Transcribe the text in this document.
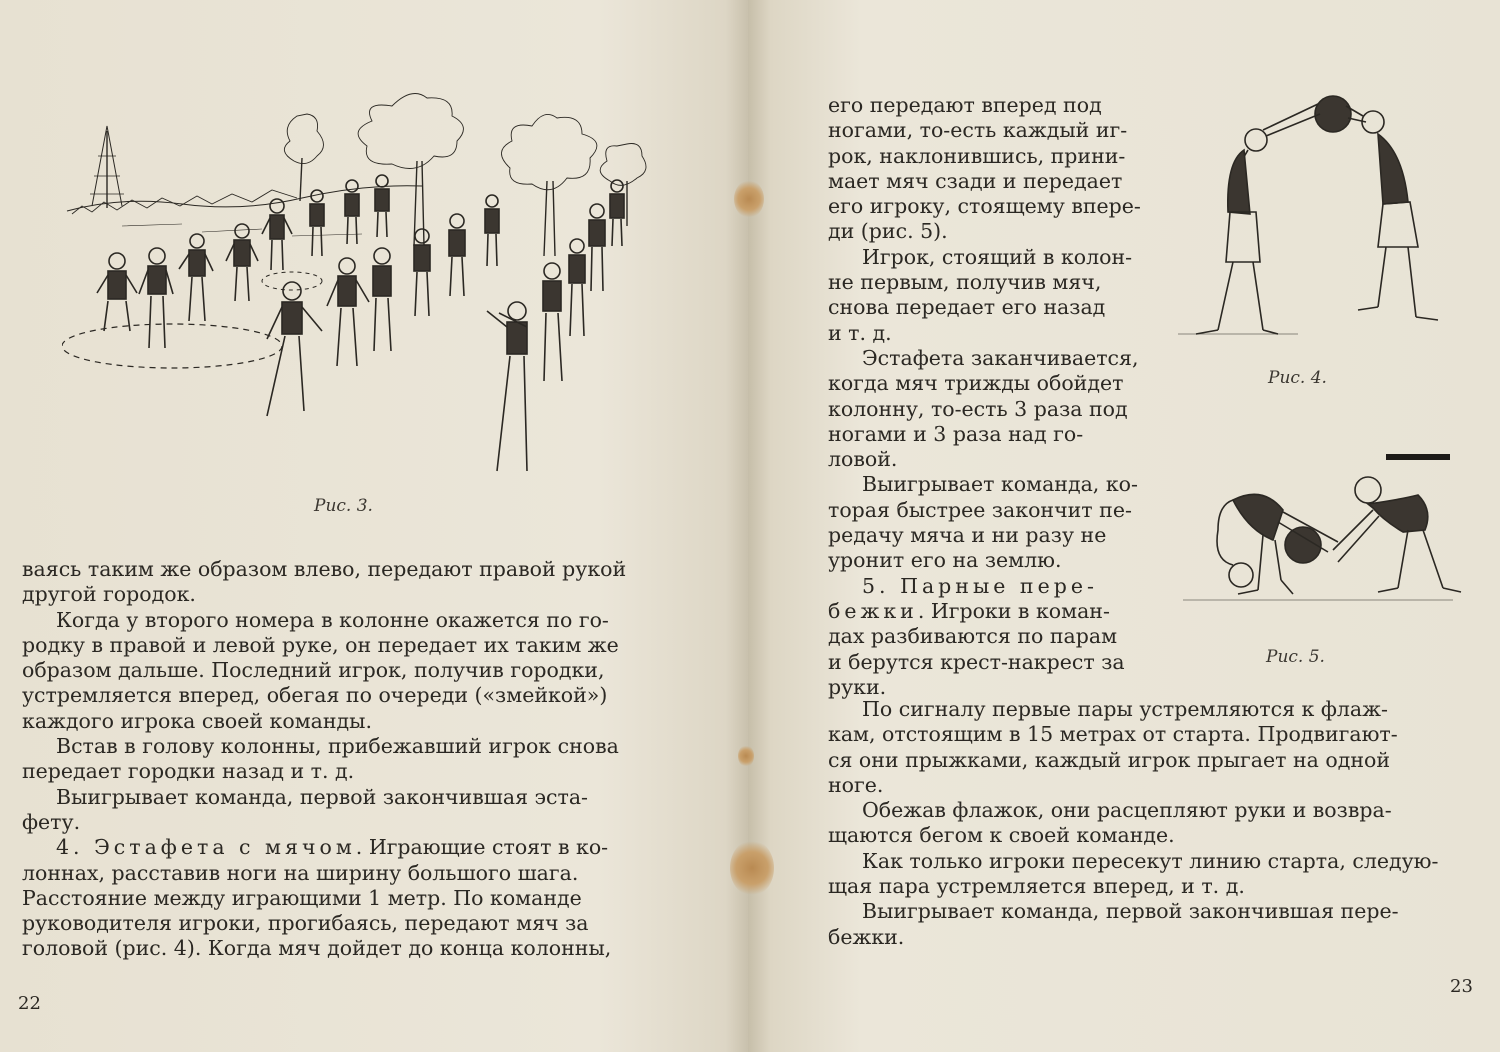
Рис. 3.

ваясь таким же образом влево, передают правой рукой

другой городок.

Когда у второго номера в колонне окажется по го-

родку в правой и левой руке, он передает их таким же

образом дальше. Последний игрок, получив городки,

устремляется вперед, обегая по очереди («змейкой»)

каждого игрока своей команды.

Встав в голову колонны, прибежавший игрок снова

передает городки назад и т. д.

Выигрывает команда, первой закончившая эста-

фету.

4. Эстафета с мячом. Играющие стоят в ко-

лоннах, расставив ноги на ширину большого шага.

Расстояние между играющими 1 метр. По команде

руководителя игроки, прогибаясь, передают мяч за

головой (рис. 4). Когда мяч дойдет до конца колонны,

22

его передают вперед под

ногами, то-есть каждый иг-

рок, наклонившись, прини-

мает мяч сзади и передает

его игроку, стоящему впере-

ди (рис. 5).

Игрок, стоящий в колон-

не первым, получив мяч,

снова передает его назад

и т. д.

Эстафета заканчивается,

когда мяч трижды обойдет

колонну, то-есть 3 раза под

ногами и 3 раза над го-

ловой.

Выигрывает команда, ко-

торая быстрее закончит пе-

редачу мяча и ни разу не

уронит его на землю.

5. Парные пере-

бежки. Игроки в коман-

дах разбиваются по парам

и берутся крест-накрест за

руки.

Рис. 4.
Рис. 5.

По сигналу первые пары устремляются к флаж-

кам, отстоящим в 15 метрах от старта. Продвигают-

ся они прыжками, каждый игрок прыгает на одной

ноге.

Обежав флажок, они расцепляют руки и возвра-

щаются бегом к своей команде.

Как только игроки пересекут линию старта, следую-

щая пара устремляется вперед, и т. д.

Выигрывает команда, первой закончившая пере-

бежки.

23
